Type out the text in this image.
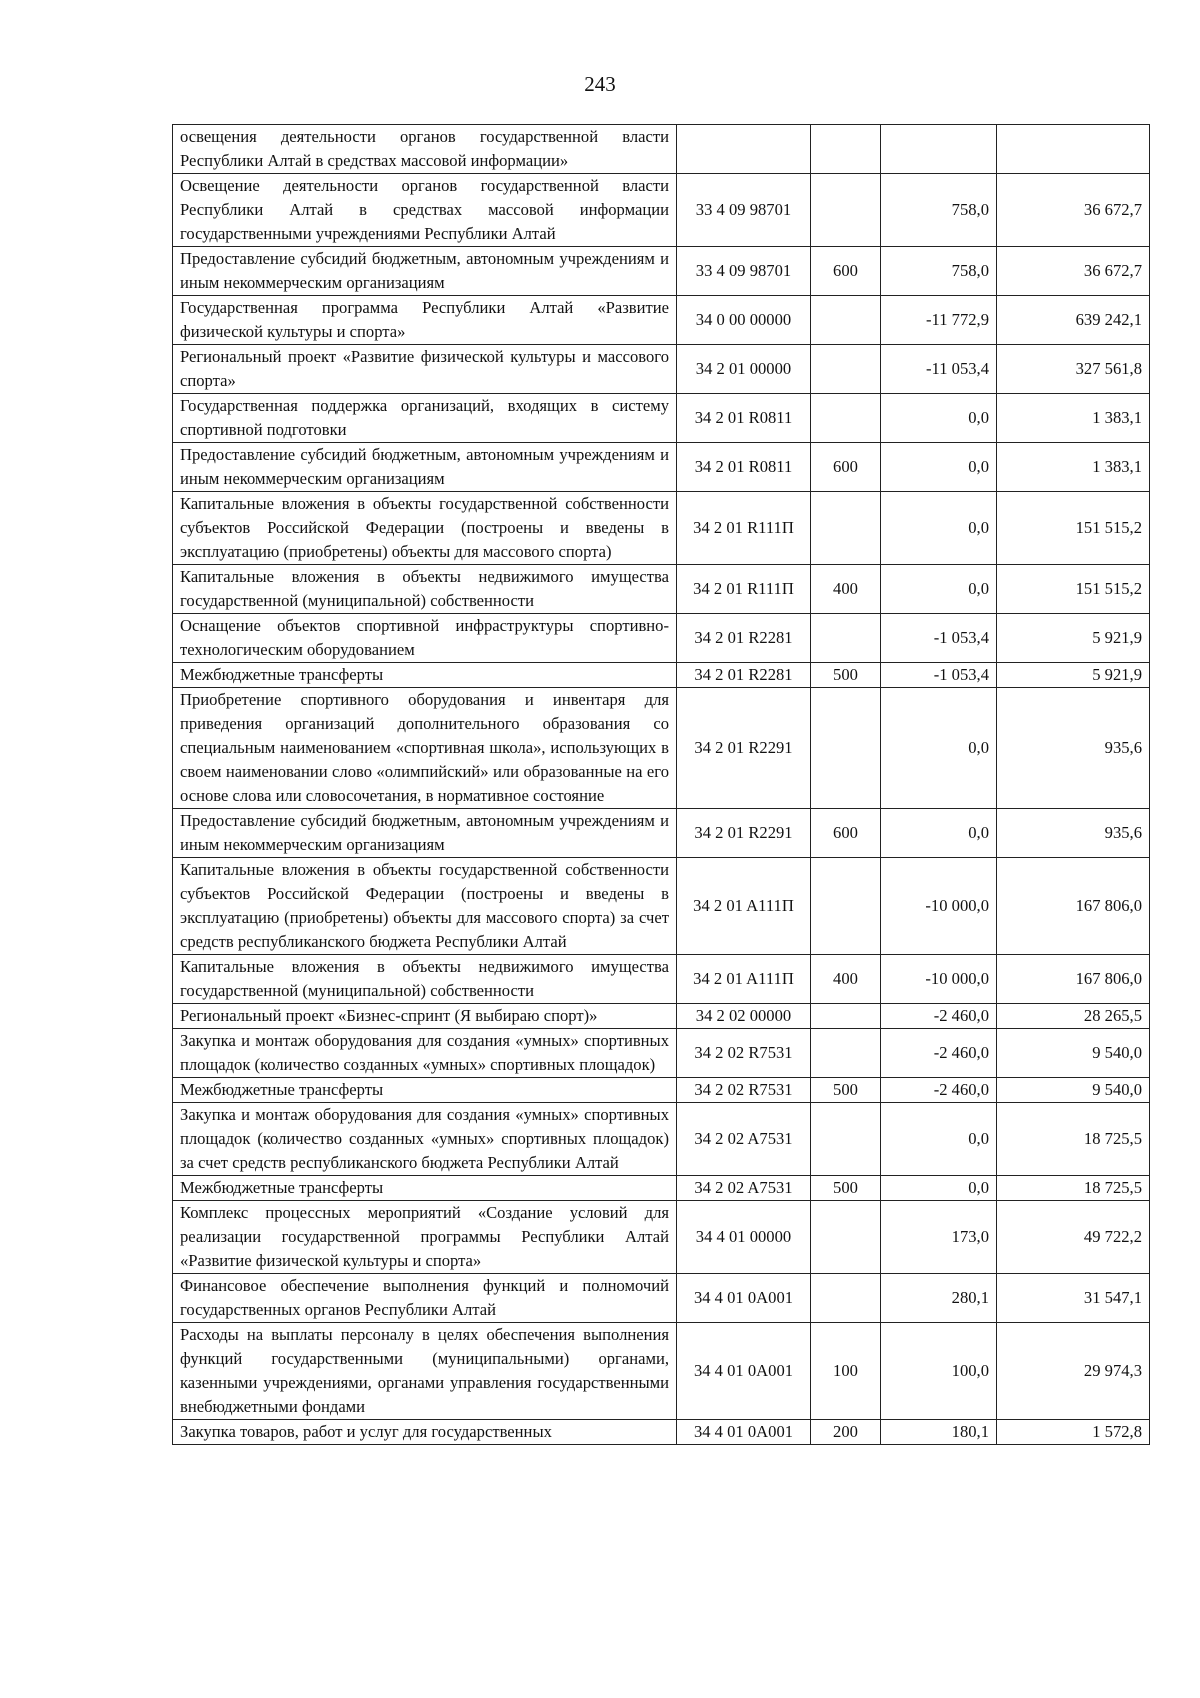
243
освещения деятельности органов государственной власти Республики Алтай в средствах массовой информации»				
Освещение деятельности органов государственной власти Республики Алтай в средствах массовой информации государственными учреждениями Республики Алтай	33 4 09 98701		758,0	36 672,7
Предоставление субсидий бюджетным, автономным учреждениям и иным некоммерческим организациям	33 4 09 98701	600	758,0	36 672,7
Государственная программа Республики Алтай «Развитие физической культуры и спорта»	34 0 00 00000		-11 772,9	639 242,1
Региональный проект «Развитие физической культуры и массового спорта»	34 2 01 00000		-11 053,4	327 561,8
Государственная поддержка организаций, входящих в систему спортивной подготовки	34 2 01 R0811		0,0	1 383,1
Предоставление субсидий бюджетным, автономным учреждениям и иным некоммерческим организациям	34 2 01 R0811	600	0,0	1 383,1
Капитальные вложения в объекты государственной собственности субъектов Российской Федерации (построены и введены в эксплуатацию (приобретены) объекты для массового спорта)	34 2 01 R111П		0,0	151 515,2
Капитальные вложения в объекты недвижимого имущества государственной (муниципальной) собственности	34 2 01 R111П	400	0,0	151 515,2
Оснащение объектов спортивной инфраструктуры спортивно-технологическим оборудованием	34 2 01 R2281		-1 053,4	5 921,9
Межбюджетные трансферты	34 2 01 R2281	500	-1 053,4	5 921,9
Приобретение спортивного оборудования и инвентаря для приведения организаций дополнительного образования со специальным наименованием «спортивная школа», использующих в своем наименовании слово «олимпийский» или образованные на его основе слова или словосочетания, в нормативное состояние	34 2 01 R2291		0,0	935,6
Предоставление субсидий бюджетным, автономным учреждениям и иным некоммерческим организациям	34 2 01 R2291	600	0,0	935,6
Капитальные вложения в объекты государственной собственности субъектов Российской Федерации (построены и введены в эксплуатацию (приобретены) объекты для массового спорта) за счет средств республиканского бюджета Республики Алтай	34 2 01 A111П		-10 000,0	167 806,0
Капитальные вложения в объекты недвижимого имущества государственной (муниципальной) собственности	34 2 01 A111П	400	-10 000,0	167 806,0
Региональный проект «Бизнес-спринт (Я выбираю спорт)»	34 2 02 00000		-2 460,0	28 265,5
Закупка и монтаж оборудования для создания «умных» спортивных площадок (количество созданных «умных» спортивных площадок)	34 2 02 R7531		-2 460,0	9 540,0
Межбюджетные трансферты	34 2 02 R7531	500	-2 460,0	9 540,0
Закупка и монтаж оборудования для создания «умных» спортивных площадок (количество созданных «умных» спортивных площадок) за счет средств республиканского бюджета Республики Алтай	34 2 02 A7531		0,0	18 725,5
Межбюджетные трансферты	34 2 02 A7531	500	0,0	18 725,5
Комплекс процессных мероприятий «Создание условий для реализации государственной программы Республики Алтай «Развитие физической культуры и спорта»	34 4 01 00000		173,0	49 722,2
Финансовое обеспечение выполнения функций и полномочий государственных органов Республики Алтай	34 4 01 0A001		280,1	31 547,1
Расходы на выплаты персоналу в целях обеспечения выполнения функций государственными (муниципальными) органами, казенными учреждениями, органами управления государственными внебюджетными фондами	34 4 01 0A001	100	100,0	29 974,3
Закупка товаров, работ и услуг для государственных	34 4 01 0A001	200	180,1	1 572,8
